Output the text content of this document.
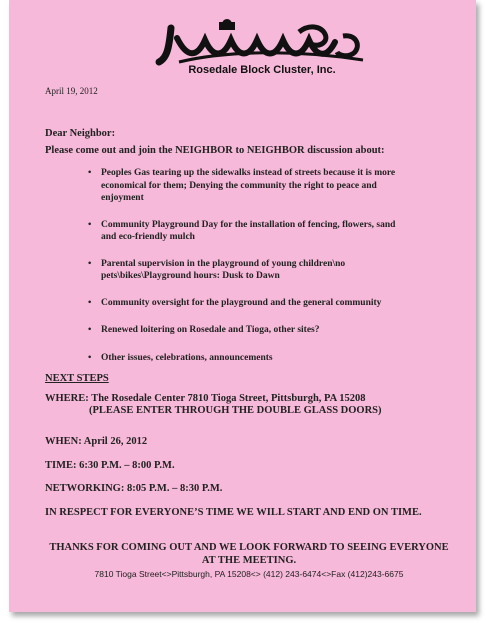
Rosedale Block Cluster, Inc.
April 19, 2012
Dear Neighbor:
Please come out and join the NEIGHBOR to NEIGHBOR discussion about:
• Peoples Gas tearing up the sidewalks instead of streets because it is more
economical for them; Denying the community the right to peace and
enjoyment
• Community Playground Day for the installation of fencing, flowers, sand
and eco-friendly mulch
• Parental supervision in the playground of young children\no
pets\bikes\Playground hours: Dusk to Dawn
• Community oversight for the playground and the general community
• Renewed loitering on Rosedale and Tioga, other sites?
• Other issues, celebrations, announcements
NEXT STEPS
WHERE: The Rosedale Center 7810 Tioga Street, Pittsburgh, PA 15208
(PLEASE ENTER THROUGH THE DOUBLE GLASS DOORS)
WHEN: April 26, 2012
TIME: 6:30 P.M. – 8:00 P.M.
NETWORKING: 8:05 P.M. – 8:30 P.M.
IN RESPECT FOR EVERYONE’S TIME WE WILL START AND END ON TIME.
THANKS FOR COMING OUT AND WE LOOK FORWARD TO SEEING EVERYONE AT THE MEETING.
7810 Tioga Street<>Pittsburgh, PA 15208<> (412) 243-6474<>Fax (412)243-6675
